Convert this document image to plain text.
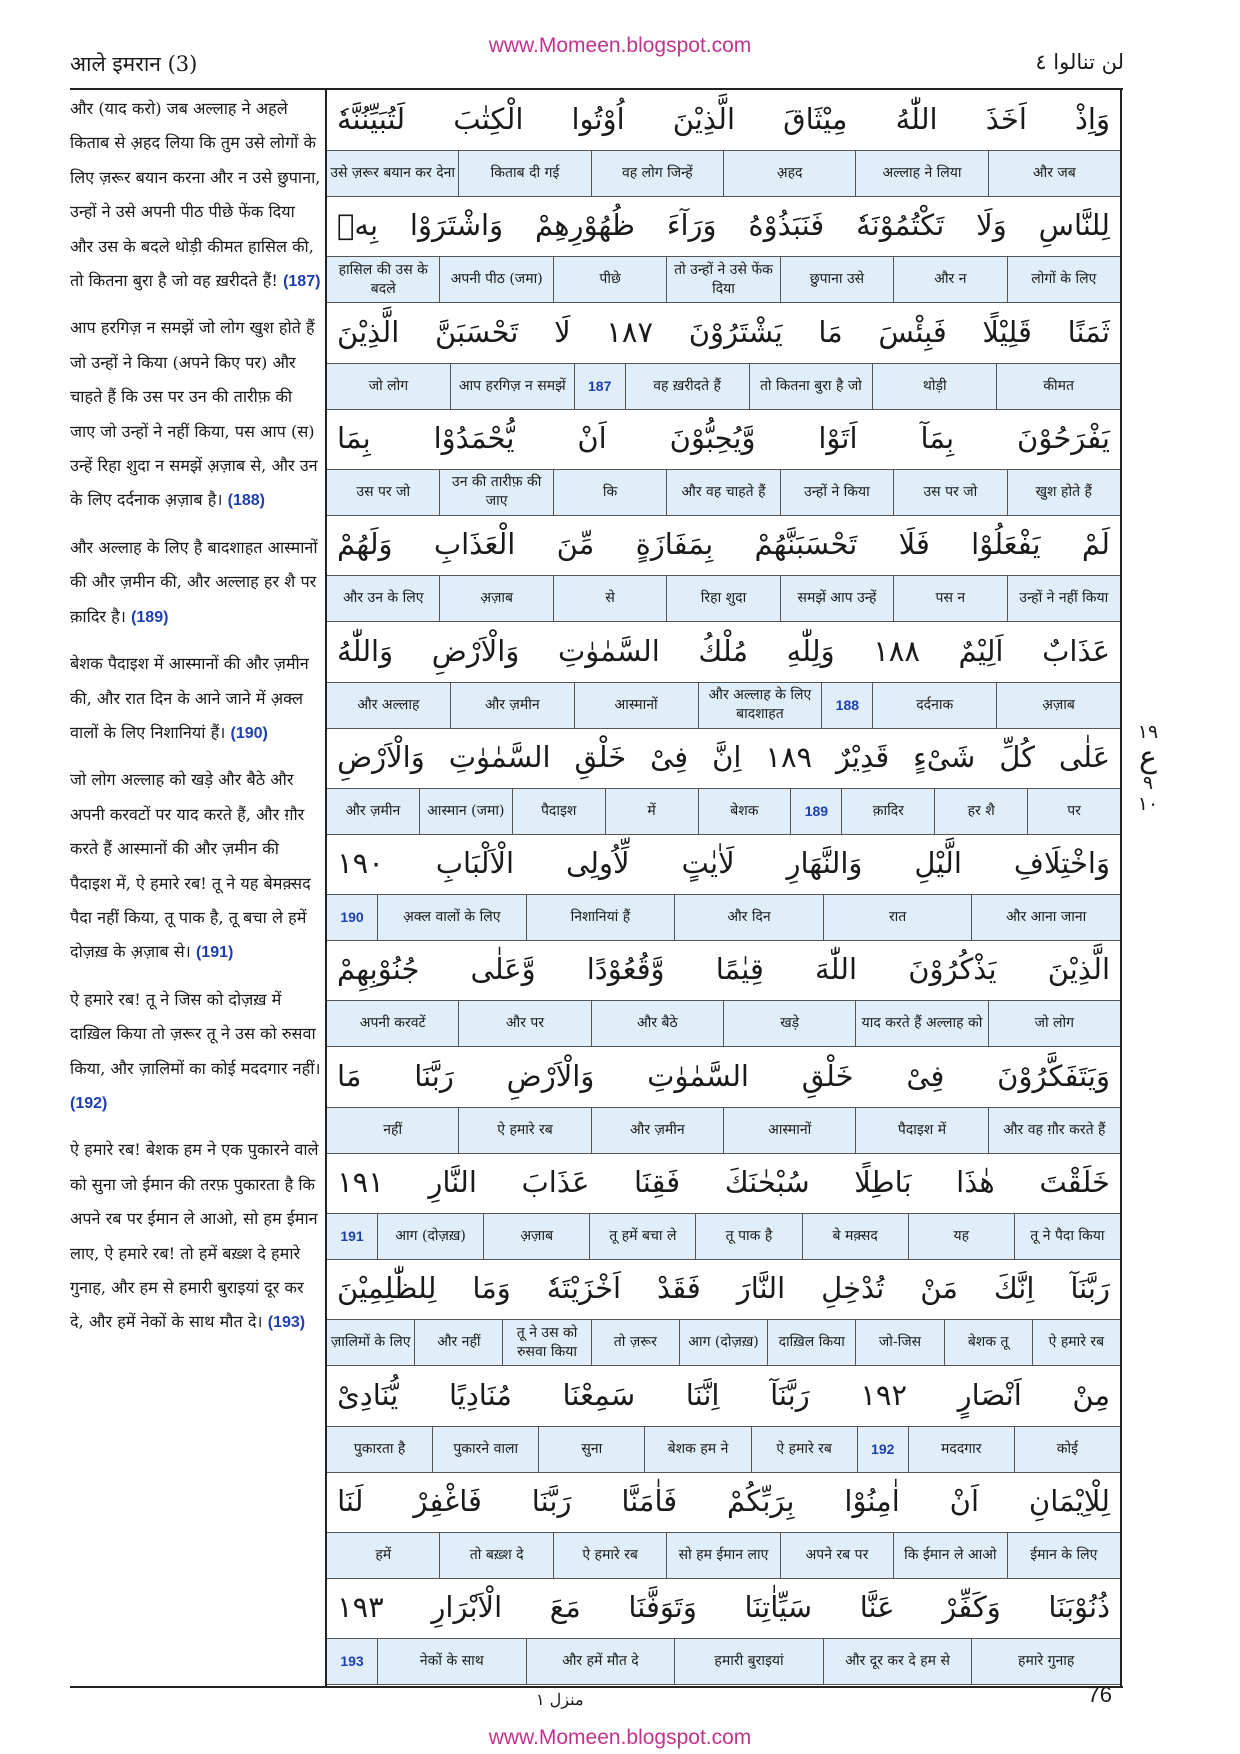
www.Momeen.blogspot.com
आले इमरान (3)	لن تنالوا ٤

और (याद करो) जब अल्लाह ने अहले किताब से अ़हद लिया कि तुम उसे लोगों के लिए ज़रूर बयान करना और न उसे छुपाना, उन्हों ने उसे अपनी पीठ पीछे फेंक दिया और उस के बदले थोड़ी कीमत हासिल की, तो कितना बुरा है जो वह ख़रीदते हैं! (187)

आप हरगिज़ न समझें जो लोग खुश होते हैं जो उन्हों ने किया (अपने किए पर) और चाहते हैं कि उस पर उन की तारीफ़ की जाए जो उन्हों ने नहीं किया, पस आप (स) उन्हें रिहा शुदा न समझें अ़ज़ाब से, और उन के लिए दर्दनाक अ़ज़ाब है। (188)

और अल्लाह के लिए है बादशाहत आस्मानों की और ज़मीन की, और अल्लाह हर शै पर क़ादिर है। (189)

बेशक पैदाइश में आस्मानों की और ज़मीन की, और रात दिन के आने जाने में अ़क्ल वालों के लिए निशानियां हैं। (190)

जो लोग अल्लाह को खड़े और बैठे और अपनी करवटों पर याद करते हैं, और ग़ौर करते हैं आस्मानों की और ज़मीन की पैदाइश में, ऐ हमारे रब! तू ने यह बेमक़्सद पैदा नहीं किया, तू पाक है, तू बचा ले हमें दोज़ख़ के अ़ज़ाब से। (191)

ऐ हमारे रब! तू ने जिस को दोज़ख़ में दाख़िल किया तो ज़रूर तू ने उस को रुसवा किया, और ज़ालिमों का कोई मददगार नहीं। (192)

ऐ हमारे रब! बेशक हम ने एक पुकारने वाले को सुना जो ईमान की तरफ़ पुकारता है कि अपने रब पर ईमान ले आओ, सो हम ईमान लाए, ऐ हमारे रब! तो हमें बख़्श दे हमारे गुनाह, और हम से हमारी बुराइयां दूर कर दे, और हमें नेकों के साथ मौत दे। (193)

وَاِذْ
اَخَذَ
اللّٰهُ
مِيْثَاقَ
الَّذِيْنَ
اُوْتُوا
الْكِتٰبَ
لَتُبَيِّنُنَّهٗ
और जब
अल्लाह ने लिया
अ़हद
वह लोग जिन्हें
किताब दी गई
उसे ज़रूर बयान कर देना
لِلنَّاسِ
وَلَا
تَكْتُمُوْنَهٗ
فَنَبَذُوْهُ
وَرَآءَ
ظُهُوْرِهِمْ
وَاشْتَرَوْا
بِهٖ
लोगों के लिए
और न
छुपाना उसे
तो उन्हों ने उसे फेंक दिया
पीछे
अपनी पीठ (जमा)
हासिल की उस के बदले
ثَمَنًا
قَلِيْلًا
فَبِئْسَ
مَا
يَشْتَرُوْنَ
١٨٧
لَا
تَحْسَبَنَّ
الَّذِيْنَ
कीमत
थोड़ी
तो कितना बुरा है जो
वह ख़रीदते हैं
187
आप हरगिज़ न समझें
जो लोग
يَفْرَحُوْنَ
بِمَآ
اَتَوْا
وَّيُحِبُّوْنَ
اَنْ
يُّحْمَدُوْا
بِمَا
खुश होते हैं
उस पर जो
उन्हों ने किया
और वह चाहते हैं
कि
उन की तारीफ़ की जाए
उस पर जो
لَمْ
يَفْعَلُوْا
فَلَا
تَحْسَبَنَّهُمْ
بِمَفَازَةٍ
مِّنَ
الْعَذَابِ
وَلَهُمْ
उन्हों ने नहीं किया
पस न
समझें आप उन्हें
रिहा शुदा
से
अ़ज़ाब
और उन के लिए
عَذَابٌ
اَلِيْمٌ
١٨٨
وَلِلّٰهِ
مُلْكُ
السَّمٰوٰتِ
وَالْاَرْضِ
وَاللّٰهُ
अ़ज़ाब
दर्दनाक
188
और अल्लाह के लिए बादशाहत
आस्मानों
और ज़मीन
और अल्लाह
عَلٰى
كُلِّ
شَیْءٍ
قَدِيْرٌ
١٨٩
اِنَّ
فِیْ
خَلْقِ
السَّمٰوٰتِ
وَالْاَرْضِ
पर
हर शै
क़ादिर
189
बेशक
में
पैदाइश
आस्मान (जमा)
और ज़मीन
وَاخْتِلَافِ
الَّيْلِ
وَالنَّهَارِ
لَاٰيٰتٍ
لِّاُولِی
الْاَلْبَابِ
١٩٠
और आना जाना
रात
और दिन
निशानियां हैं
अ़क्ल वालों के लिए
190
الَّذِيْنَ
يَذْكُرُوْنَ
اللّٰهَ
قِيٰمًا
وَّقُعُوْدًا
وَّعَلٰى
جُنُوْبِهِمْ
जो लोग
याद करते हैं अल्लाह को
खड़े
और बैठे
और पर
अपनी करवटें
وَيَتَفَكَّرُوْنَ
فِیْ
خَلْقِ
السَّمٰوٰتِ
وَالْاَرْضِ
رَبَّنَا
مَا
और वह ग़ौर करते हैं
पैदाइश में
आस्मानों
और ज़मीन
ऐ हमारे रब
नहीं
خَلَقْتَ
هٰذَا
بَاطِلًا
سُبْحٰنَكَ
فَقِنَا
عَذَابَ
النَّارِ
١٩١
तू ने पैदा किया
यह
बे मक़्सद
तू पाक है
तू हमें बचा ले
अ़ज़ाब
आग (दोज़ख़)
191
رَبَّنَآ
اِنَّكَ
مَنْ
تُدْخِلِ
النَّارَ
فَقَدْ
اَخْزَيْتَهٗ
وَمَا
لِلظّٰلِمِيْنَ
ऐ हमारे रब
बेशक तू
जो-जिस
दाख़िल किया
आग (दोज़ख़)
तो ज़रूर
तू ने उस को रुसवा किया
और नहीं
ज़ालिमों के लिए
مِنْ
اَنْصَارٍ
١٩٢
رَبَّنَآ
اِنَّنَا
سَمِعْنَا
مُنَادِيًا
يُّنَادِیْ
कोई
मददगार
192
ऐ हमारे रब
बेशक हम ने
सुना
पुकारने वाला
पुकारता है
لِلْاِيْمَانِ
اَنْ
اٰمِنُوْا
بِرَبِّكُمْ
فَاٰمَنَّا
رَبَّنَا
فَاغْفِرْ
لَنَا
ईमान के लिए
कि ईमान ले आओ
अपने रब पर
सो हम ईमान लाए
ऐ हमारे रब
तो बख़्श दे
हमें
ذُنُوْبَنَا
وَكَفِّرْ
عَنَّا
سَيِّاٰتِنَا
وَتَوَفَّنَا
مَعَ
الْاَبْرَارِ
١٩٣
हमारे गुनाह
और दूर कर दे हम से
हमारी बुराइयां
और हमें मौत दे
नेकों के साथ
193
١٩
ع
٩
١٠
منزل ١	76
www.Momeen.blogspot.com
